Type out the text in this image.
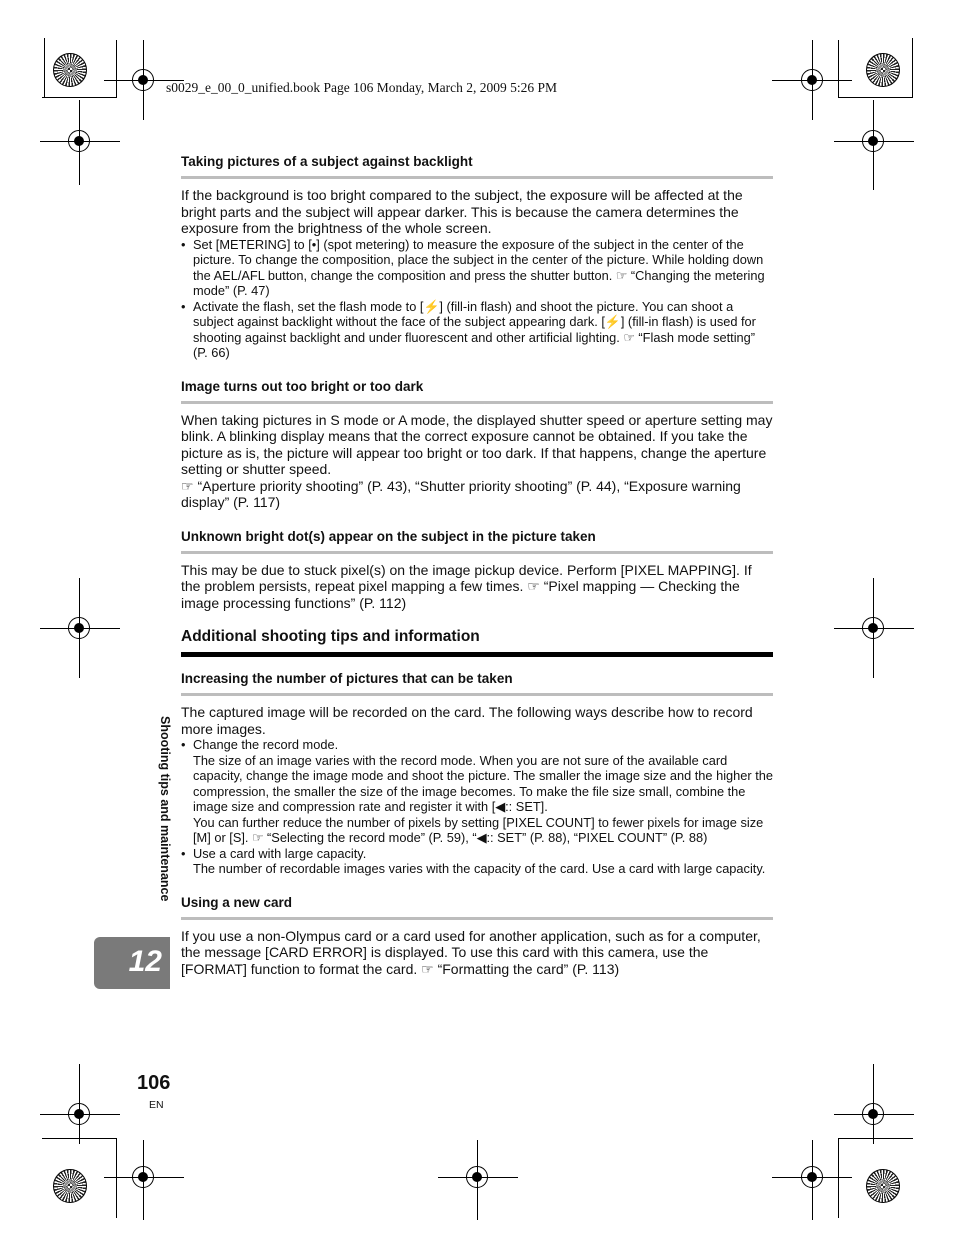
s0029_e_00_0_unified.book Page 106 Monday, March 2, 2009 5:26 PM

Taking pictures of a subject against backlight

If the background is too bright compared to the subject, the exposure will be affected at the bright parts and the subject will appear darker. This is because the camera determines the exposure from the brightness of the whole screen.

• Set [METERING] to [•] (spot metering) to measure the exposure of the subject in the center of the picture. To change the composition, place the subject in the center of the picture. While holding down the AEL/AFL button, change the composition and press the shutter button. ☞ “Changing the metering mode” (P. 47)

• Activate the flash, set the flash mode to [⚡] (fill-in flash) and shoot the picture. You can shoot a subject against backlight without the face of the subject appearing dark. [⚡] (fill-in flash) is used for shooting against backlight and under fluorescent and other artificial lighting. ☞ “Flash mode setting” (P. 66)

Image turns out too bright or too dark

When taking pictures in S mode or A mode, the displayed shutter speed or aperture setting may blink. A blinking display means that the correct exposure cannot be obtained. If you take the picture as is, the picture will appear too bright or too dark. If that happens, change the aperture setting or shutter speed.

☞ “Aperture priority shooting” (P. 43), “Shutter priority shooting” (P. 44), “Exposure warning display” (P. 117)

Unknown bright dot(s) appear on the subject in the picture taken

This may be due to stuck pixel(s) on the image pickup device. Perform [PIXEL MAPPING]. If the problem persists, repeat pixel mapping a few times. ☞ “Pixel mapping — Checking the image processing functions” (P. 112)

Additional shooting tips and information

Increasing the number of pictures that can be taken

The captured image will be recorded on the card. The following ways describe how to record more images.

• Change the record mode.

The size of an image varies with the record mode. When you are not sure of the available card capacity, change the image mode and shoot the picture. The smaller the image size and the higher the compression, the smaller the size of the image becomes. To make the file size small, combine the image size and compression rate and register it with [◀:: SET].

You can further reduce the number of pixels by setting [PIXEL COUNT] to fewer pixels for image size [M] or [S]. ☞ “Selecting the record mode” (P. 59), “◀:: SET” (P. 88), “PIXEL COUNT” (P. 88)

• Use a card with large capacity.

The number of recordable images varies with the capacity of the card. Use a card with large capacity.

Using a new card

If you use a non-Olympus card or a card used for another application, such as for a computer, the message [CARD ERROR] is displayed. To use this card with this camera, use the [FORMAT] function to format the card. ☞ “Formatting the card” (P. 113)

Shooting tips and maintenance
12
106
EN
